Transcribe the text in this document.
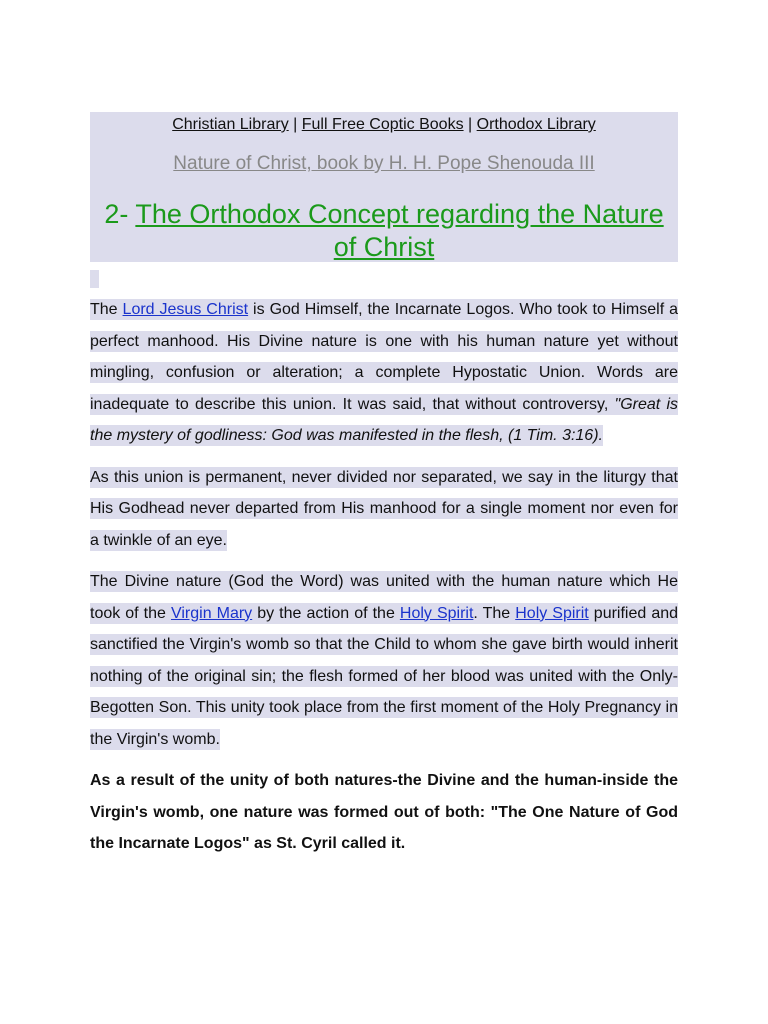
Christian Library | Full Free Coptic Books | Orthodox Library
Nature of Christ, book by H. H. Pope Shenouda III
2- The Orthodox Concept regarding the Nature of Christ

The Lord Jesus Christ is God Himself, the Incarnate Logos. Who took to Himself a perfect manhood. His Divine nature is one with his human nature yet without mingling, confusion or alteration; a complete Hypostatic Union. Words are inadequate to describe this union. It was said, that without controversy, "Great is the mystery of godliness: God was manifested in the flesh, (1 Tim. 3:16).

As this union is permanent, never divided nor separated, we say in the liturgy that His Godhead never departed from His manhood for a single moment nor even for a twinkle of an eye.

The Divine nature (God the Word) was united with the human nature which He took of the Virgin Mary by the action of the Holy Spirit. The Holy Spirit purified and sanctified the Virgin's womb so that the Child to whom she gave birth would inherit nothing of the original sin; the flesh formed of her blood was united with the Only-Begotten Son. This unity took place from the first moment of the Holy Pregnancy in the Virgin's womb.

As a result of the unity of both natures-the Divine and the human-inside the Virgin's womb, one nature was formed out of both: "The One Nature of God the Incarnate Logos" as St. Cyril called it.
